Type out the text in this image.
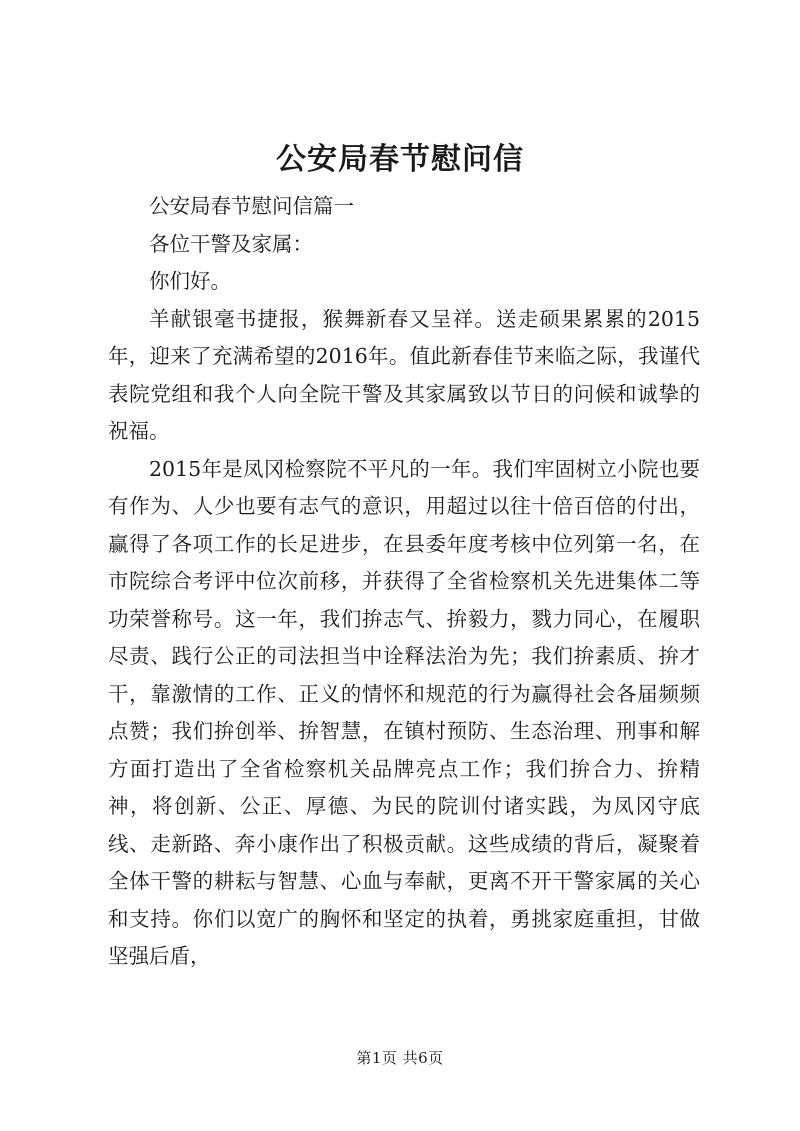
公安局春节慰问信

公安局春节慰问信篇一

各位干警及家属：

你们好。

羊献银毫书捷报，猴舞新春又呈祥。送走硕果累累的2015年，迎来了充满希望的2016年。值此新春佳节来临之际，我谨代表院党组和我个人向全院干警及其家属致以节日的问候和诚挚的祝福。

2015年是凤冈检察院不平凡的一年。我们牢固树立小院也要有作为、人少也要有志气的意识，用超过以往十倍百倍的付出，赢得了各项工作的长足进步，在县委年度考核中位列第一名，在市院综合考评中位次前移，并获得了全省检察机关先进集体二等功荣誉称号。这一年，我们拚志气、拚毅力，戮力同心，在履职尽责、践行公正的司法担当中诠释法治为先；我们拚素质、拚才干，靠激情的工作、正义的情怀和规范的行为赢得社会各届频频点赞；我们拚创举、拚智慧，在镇村预防、生态治理、刑事和解方面打造出了全省检察机关品牌亮点工作；我们拚合力、拚精神，将创新、公正、厚德、为民的院训付诸实践，为凤冈守底线、走新路、奔小康作出了积极贡献。这些成绩的背后，凝聚着全体干警的耕耘与智慧、心血与奉献，更离不开干警家属的关心和支持。你们以宽广的胸怀和坚定的执着，勇挑家庭重担，甘做坚强后盾，

第1页 共6页
